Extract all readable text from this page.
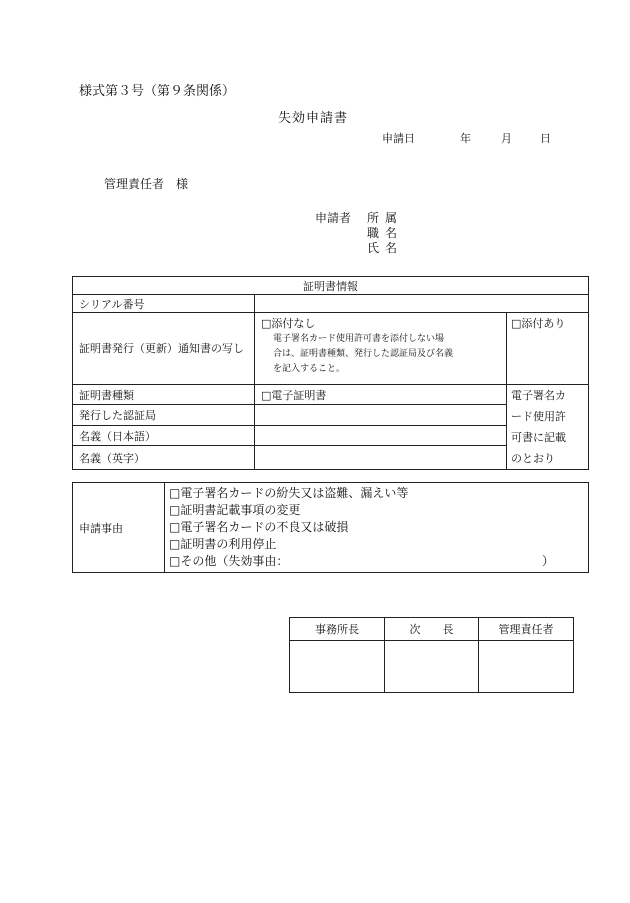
様式第３号（第９条関係）
失効申請書
申請日	年	月	日
管理責任者　様
申請者 所属
職名
氏名
証明書情報		
シリアル番号		
証明書発行（更新）通知書の写し	□添付なし
電子署名カード使用許可書を添付しない場
合は、証明書種類、発行した認証局及び名義
を記入すること。	□添付あり

証明書種類	□電子証明書	電子署名カ
ード使用許
可書に記載
のとおり

発行した認証局		
名義（日本語）		
名義（英字）		
申請事由	
□電子署名カードの紛失又は盗難、漏えい等
□証明書記載事項の変更
□電子署名カードの不良又は破損
□証明書の利用停止
□その他（失効事由：	）
事務所長	次　　長	管理責任者
